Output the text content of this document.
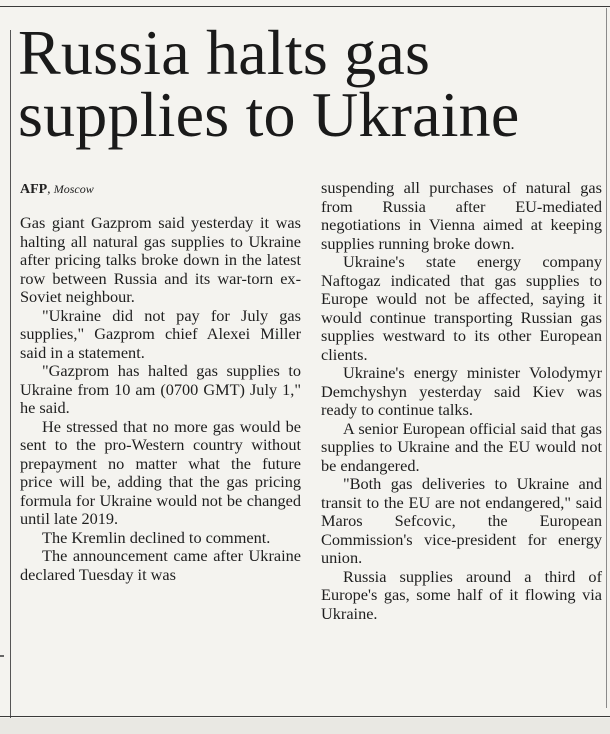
Russia halts gas supplies to Ukraine
AFP, Moscow

Gas giant Gazprom said yesterday it was halting all natural gas supplies to Ukraine after pricing talks broke down in the latest row between Russia and its war-torn ex-Soviet neighbour.

"Ukraine did not pay for July gas supplies," Gazprom chief Alexei Miller said in a statement.

"Gazprom has halted gas supplies to Ukraine from 10 am (0700 GMT) July 1," he said.

He stressed that no more gas would be sent to the pro-Western country without prepayment no matter what the future price will be, adding that the gas pricing formula for Ukraine would not be changed until late 2019.

The Kremlin declined to comment.

The announcement came after Ukraine declared Tuesday it was

suspending all purchases of natural gas from Russia after EU-mediated negotiations in Vienna aimed at keeping supplies running broke down.

Ukraine's state energy company Naftogaz indicated that gas supplies to Europe would not be affected, saying it would continue transporting Russian gas supplies westward to its other European clients.

Ukraine's energy minister Volodymyr Demchyshyn yesterday said Kiev was ready to continue talks.

A senior European official said that gas supplies to Ukraine and the EU would not be endangered.

"Both gas deliveries to Ukraine and transit to the EU are not endangered," said Maros Sefcovic, the European Commission's vice-president for energy union.

Russia supplies around a third of Europe's gas, some half of it flowing via Ukraine.
